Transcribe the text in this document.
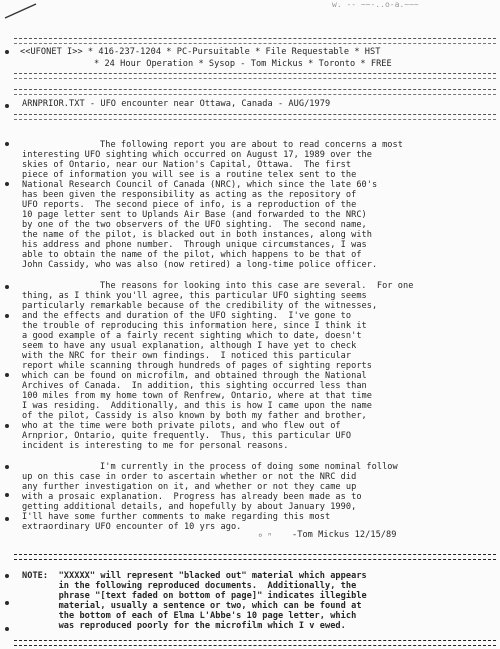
w. -- ~~-..o-a.~~~
<<UFONET I>> * 416-237-1204 * PC-Pursuitable * File Requestable * HST
* 24 Hour Operation * Sysop - Tom Mickus * Toronto * FREE
ARNPRIOR.TXT - UFO encounter near Ottawa, Canada - AUG/1979
The following report you are about to read concerns a most
interesting UFO sighting which occurred on August 17, 1989 over the
skies of Ontario, near our Nation's Capital, Ottawa.  The first
piece of information you will see is a routine telex sent to the
National Research Council of Canada (NRC), which since the late 60's
has been given the responsibility as acting as the repository of
UFO reports.  The second piece of info, is a reproduction of the
10 page letter sent to Uplands Air Base (and forwarded to the NRC)
by one of the two observers of the UFO sighting.  The second name,
the name of the pilot, is blacked out in both instances, along with
his address and phone number.  Through unique circumstances, I was
able to obtain the name of the pilot, which happens to be that of
John Cassidy, who was also (now retired) a long-time police officer.
The reasons for looking into this case are several.  For one
thing, as I think you'll agree, this particular UFO sighting seems
particularly remarkable because of the credibility of the witnesses,
and the effects and duration of the UFO sighting.  I've gone to
the trouble of reproducing this information here, since I think it
a good example of a fairly recent sighting which to date, doesn't
seem to have any usual explanation, although I have yet to check
with the NRC for their own findings.  I noticed this particular
report while scanning through hundreds of pages of sighting reports
which can be found on microfilm, and obtained through the National
Archives of Canada.  In addition, this sighting occurred less than
100 miles from my home town of Renfrew, Ontario, where at that time
I was residing.  Additionally, and this is how I came upon the name
of the pilot, Cassidy is also known by both my father and brother,
who at the time were both private pilots, and who flew out of
Arnprior, Ontario, quite frequently.  Thus, this particular UFO
incident is interesting to me for personal reasons.
I'm currently in the process of doing some nominal follow
up on this case in order to ascertain whether or not the NRC did
any further investigation on it, and whether or not they came up
with a prosaic explanation.  Progress has already been made as to
getting additional details, and hopefully by about January 1990,
I'll have some further comments to make regarding this most
extraordinary UFO encounter of 10 yrs ago.
⸰ ⁿ -Tom Mickus 12/15/89
NOTE:  "XXXXX" will represent "blacked out" material which appears
in the following reproduced documents.  Additionally, the
phrase "[text faded on bottom of page]" indicates illegible
material, usually a sentence or two, which can be found at
the bottom of each of Elma L'Abbe's 10 page letter, which
was reproduced poorly for the microfilm which I v ewed.
